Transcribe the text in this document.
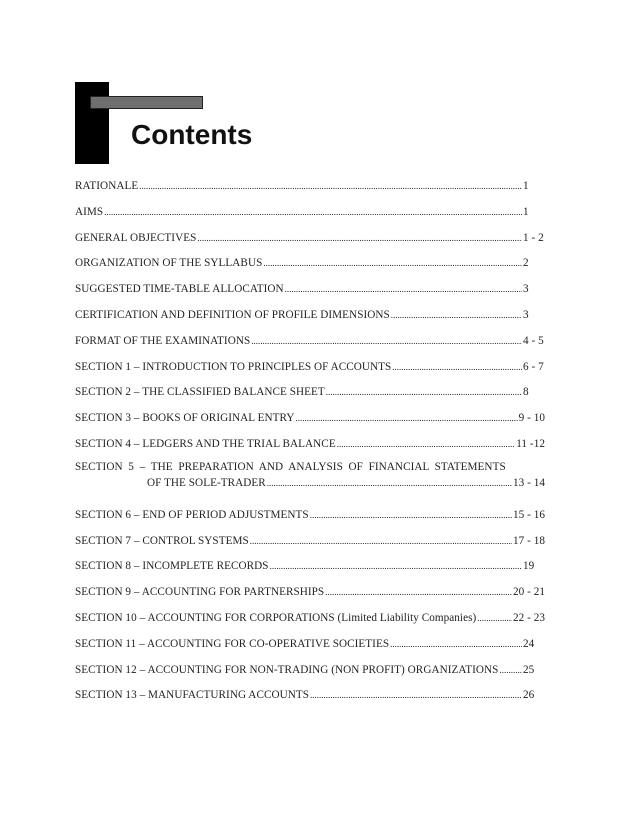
Contents
RATIONALE .....	1
AIMS .....	1
GENERAL OBJECTIVES .....	1 - 2
ORGANIZATION OF THE SYLLABUS .....	2
SUGGESTED TIME-TABLE ALLOCATION .....	3
CERTIFICATION AND DEFINITION OF PROFILE DIMENSIONS .....	3
FORMAT OF THE EXAMINATIONS .....	4 - 5
SECTION 1 – INTRODUCTION TO PRINCIPLES OF ACCOUNTS .....	6 - 7
SECTION 2 – THE CLASSIFIED BALANCE SHEET .....	8
SECTION 3 – BOOKS OF ORIGINAL ENTRY .....	9 - 10
SECTION 4 – LEDGERS AND THE TRIAL BALANCE .....	11 -12
SECTION  5  –  THE  PREPARATION  AND  ANALYSIS  OF  FINANCIAL  STATEMENTS
OF THE SOLE-TRADER .....	13 - 14
SECTION 6 – END OF PERIOD ADJUSTMENTS .....	15 - 16
SECTION 7 – CONTROL SYSTEMS .....	17 - 18
SECTION 8 – INCOMPLETE RECORDS .....	19
SECTION 9 – ACCOUNTING FOR PARTNERSHIPS .....	20 - 21
SECTION 10 – ACCOUNTING FOR CORPORATIONS (Limited Liability Companies) .....	22 - 23
SECTION 11 – ACCOUNTING FOR CO-OPERATIVE SOCIETIES .....	24
SECTION 12 – ACCOUNTING FOR NON-TRADING (NON PROFIT) ORGANIZATIONS ..... 25
SECTION 13 – MANUFACTURING ACCOUNTS .....	26
